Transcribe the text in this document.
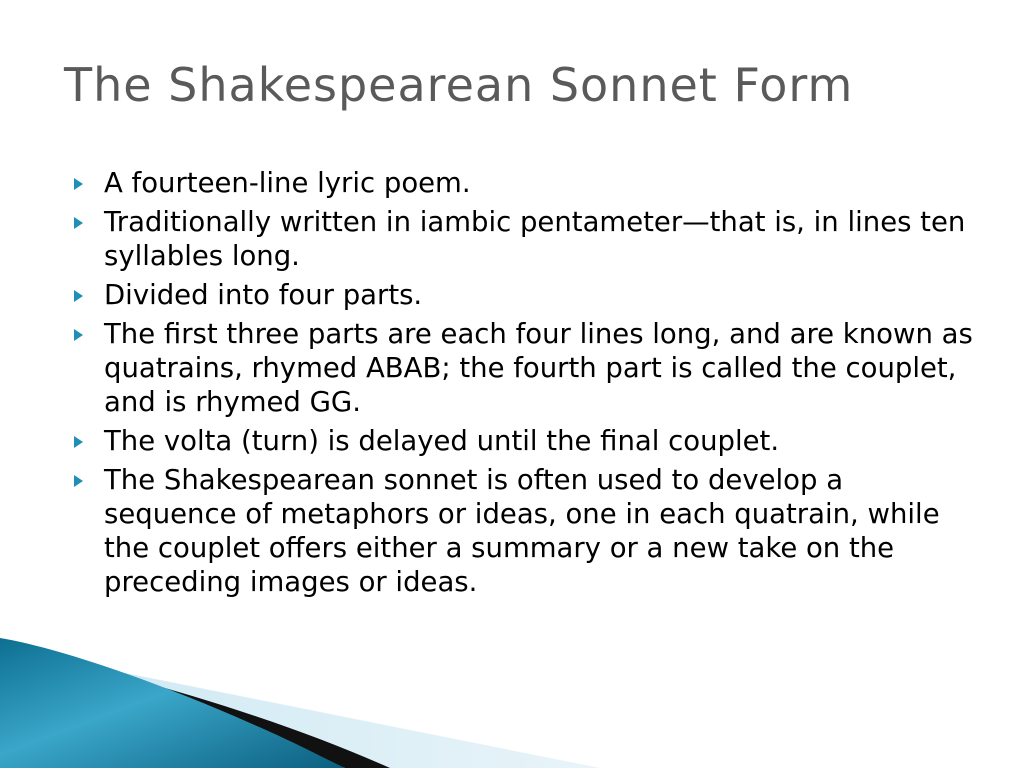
The Shakespearean Sonnet Form
A fourteen-line lyric poem.
Traditionally written in iambic pentameter—that is, in lines ten syllables long.
Divided into four parts.
The first three parts are each four lines long, and are known as quatrains, rhymed ABAB; the fourth part is called the couplet, and is rhymed GG.
The volta (turn) is delayed until the final couplet.
The Shakespearean sonnet is often used to develop a sequence of metaphors or ideas, one in each quatrain, while the couplet offers either a summary or a new take on the preceding images or ideas.
